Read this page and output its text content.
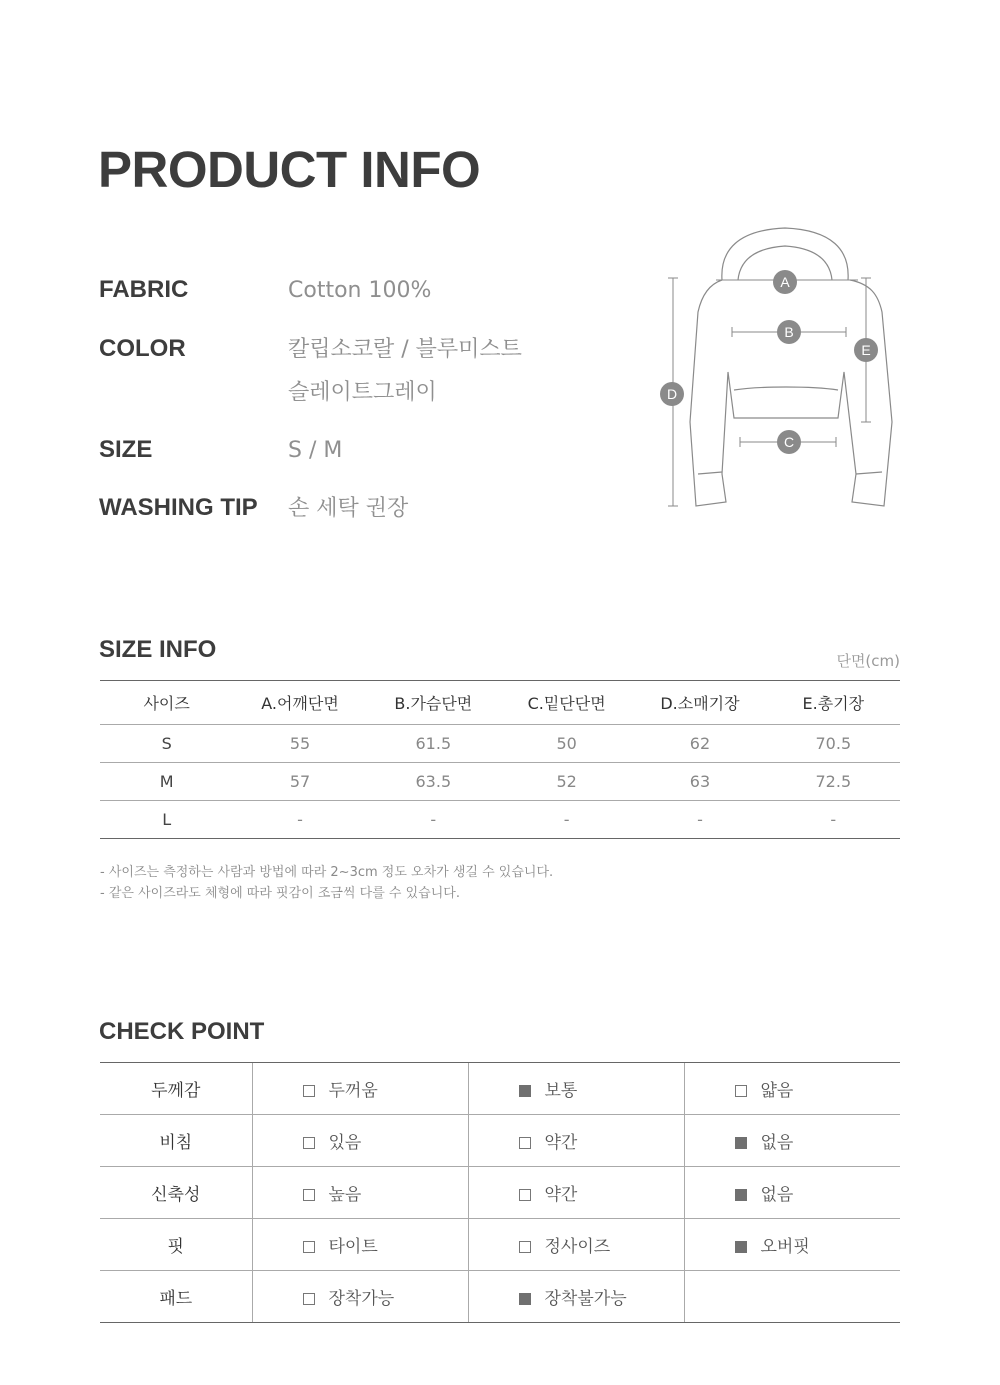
PRODUCT INFO
FABRIC	Cotton 100%
COLOR	칼립소코랄 / 블루미스트
슬레이트그레이
SIZE	S / M
WASHING TIP	손 세탁 권장
A
B
C
D
E
SIZE INFO	단면(cm)
사이즈	A.어깨단면	B.가슴단면	C.밑단단면	D.소매기장	E.총기장
S	55	61.5	50	62	70.5
M	57	63.5	52	63	72.5
L	-	-	-	-	-
- 사이즈는 측정하는 사람과 방법에 따라 2~3cm 정도 오차가 생길 수 있습니다.
- 같은 사이즈라도 체형에 따라 핏감이 조금씩 다를 수 있습니다.
CHECK POINT
두께감	두꺼움	보통	얇음
비침	있음	약간	없음
신축성	높음	약간	없음
핏	타이트	정사이즈	오버핏
패드	장착가능	장착불가능	
